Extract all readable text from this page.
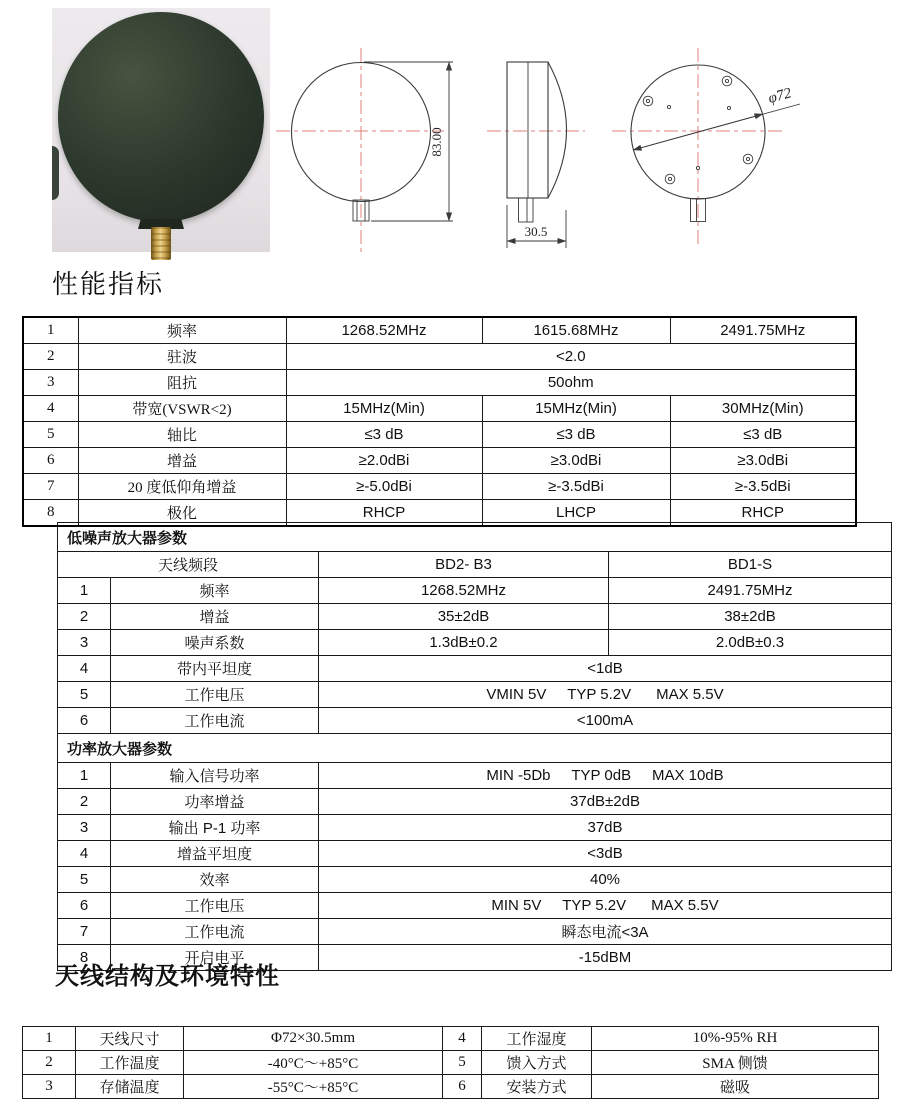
83.00
30.5
φ72
性能指标
1	频率	1268.52MHz	1615.68MHz	2491.75MHz
2	驻波	<2.0		
3	阻抗	50ohm		
4	带宽(VSWR<2)	15MHz(Min)	15MHz(Min)	30MHz(Min)
5	轴比	≤3 dB	≤3 dB	≤3 dB
6	增益	≥2.0dBi	≥3.0dBi	≥3.0dBi
7	20 度低仰角增益	≥-5.0dBi	≥-3.5dBi	≥-3.5dBi
8	极化	RHCP	LHCP	RHCP
低噪声放大器参数			
天线频段		BD2- B3	BD1-S
1	频率	1268.52MHz	2491.75MHz
2	增益	35±2dB	38±2dB
3	噪声系数	1.3dB±0.2	2.0dB±0.3
4	带内平坦度	<1dB	
5	工作电压	VMIN 5V     TYP 5.2V      MAX 5.5V	
6	工作电流	<100mA	
功率放大器参数			
1	输入信号功率	MIN -5Db     TYP 0dB     MAX 10dB	
2	功率增益	37dB±2dB	
3	输出 P-1 功率	37dB	
4	增益平坦度	<3dB	
5	效率	40%	
6	工作电压	MIN 5V     TYP 5.2V      MAX 5.5V	
7	工作电流	瞬态电流<3A	
8	开启电平	-15dBM	
天线结构及环境特性
1	天线尺寸	Φ72×30.5mm	4	工作湿度	10%-95% RH
2	工作温度	-40°C～+85°C	5	馈入方式	SMA 侧馈
3	存储温度	-55°C～+85°C	6	安装方式	磁吸
